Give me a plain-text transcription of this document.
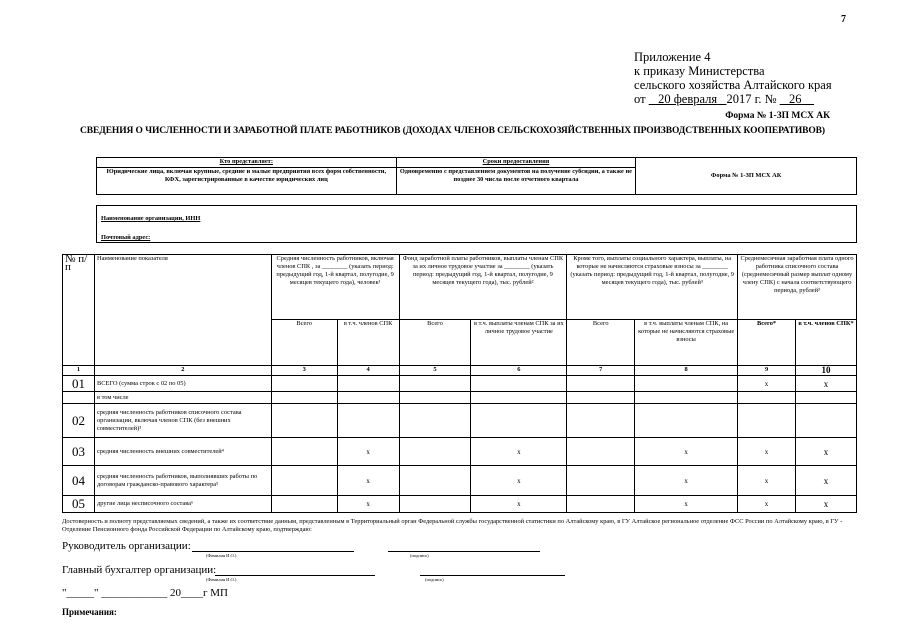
7
Приложение 4
к приказу Министерства
сельского хозяйства Алтайского края
от 20 февраля 2017 г. № 26
Форма № 1-ЗП МСХ АК
СВЕДЕНИЯ О ЧИСЛЕННОСТИ И ЗАРАБОТНОЙ ПЛАТЕ РАБОТНИКОВ (ДОХОДАХ ЧЛЕНОВ СЕЛЬСКОХОЗЯЙСТВЕННЫХ ПРОИЗВОДСТВЕННЫХ КООПЕРАТИВОВ)
Кто представляет:	Сроки предоставления	Форма № 1-ЗП МСХ АК
Юридические лица, включая крупные, средние и малые предприятия всех форм собственности, КФХ, зарегистрированные в качестве юридических лиц	Одновременно с представлением документов на получение субсидии, а также не позднее 30 числа после отчетного квартала	
Наименование организации, ИНН
Почтовый адрес:
№ п/п	Наименование показателя	Средняя численность работников, включая членов СПК , за ________ (указать период: предыдущий год, 1-й квартал, полугодие, 9 месяцев текущего года), человек¹		Фонд заработной платы работников, выплаты членам СПК за их личное трудовое участие за ________ (указать период: предыдущий год, 1-й квартал, полугодие, 9 месяцев текущего года), тыс. рублей²		Кроме того, выплаты социального характера, выплаты, на которые не начисляются страховые взносы за ________ (указать период: предыдущий год, 1-й квартал, полугодие, 9 месяцев текущего года), тыс. рублей³		Среднемесячная заработная плата одного работника списочного состава (среднемесячный размер выплат одному члену СПК) с начала соответствующего периода, рублей³	
		Всего	в т.ч. членов СПК	Всего	в т.ч. выплаты членам СПК за их личное трудовое участие	Всего	в т.ч. выплаты членам СПК, на которые не начисляются страховые взносы	Всего*	в т.ч. членов СПК*
1	2	3	4	5	6	7	8	9	10
01	ВСЕГО (сумма строк с 02 по 05)							x	x
	в том числе								
02	средняя численность работников списочного состава организации, включая членов СПК (без внешних совместителей)³								
03	средняя численность внешних совместителей⁴		x		x		x	x	x
04	средняя численность работников, выполнявших работы по договорам гражданско-правового характера⁵		x		x		x	x	x
05	другие лица несписочного состава⁶		x		x		x	x	x
Достоверность и полноту представляемых сведений, а также их соответствие данным, представленным в Территориальный орган Федеральной службы государственной статистики по Алтайскому краю, в ГУ Алтайское региональное отделение ФСС России по Алтайскому краю, в ГУ - Отделение Пенсионного фонда Российской Федерации по Алтайскому краю, подтверждаю:
Руководитель организации:
(Фамилия И.О.)	(подпись)
Главный бухгалтер организации:
(Фамилия И.О.)	(подпись)
"_____" ____________ 20____г МП
Примечания:
